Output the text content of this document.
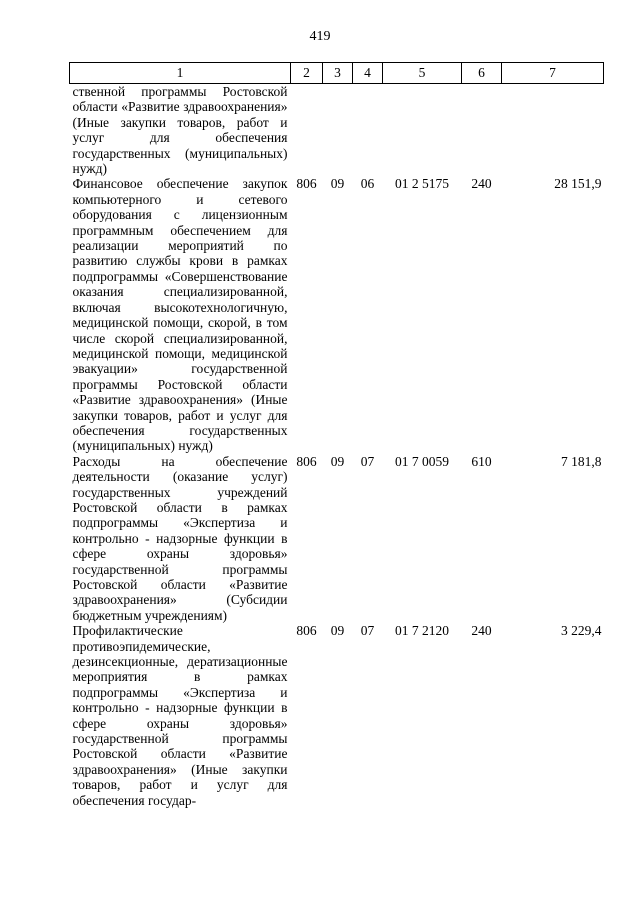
419
1	2	3	4	5	6	7
ственной программы Ростовской области «Развитие здравоохранения» (Иные закупки товаров, работ и услуг для обеспечения государственных (муниципальных) нужд)						
Финансовое обеспечение закупок компьютерного и сетевого оборудования с лицензионным программным обеспечением для реализации мероприятий по развитию службы крови в рамках подпрограммы «Совершенствование оказания специализированной, включая высокотехнологичную, медицинской помощи, скорой, в том числе скорой специализированной, медицинской помощи, медицинской эвакуации» государственной программы Ростовской области «Развитие здравоохранения» (Иные закупки товаров, работ и услуг для обеспечения государственных (муниципальных) нужд)	806	09	06	01 2 5175	240	28 151,9
Расходы на обеспечение деятельности (оказание услуг) государственных учреждений Ростовской области в рамках подпрограммы «Экспертиза и контрольно - надзорные функции в сфере охраны здоровья» государственной программы Ростовской области «Развитие здравоохранения» (Субсидии бюджетным учреждениям)	806	09	07	01 7 0059	610	7 181,8
Профилактические противоэпидемические, дезинсекционные, дератизационные мероприятия в рамках подпрограммы «Экспертиза и контрольно - надзорные функции в сфере охраны здоровья» государственной программы Ростовской области «Развитие здравоохранения» (Иные закупки товаров, работ и услуг для обеспечения государ-	806	09	07	01 7 2120	240	3 229,4
